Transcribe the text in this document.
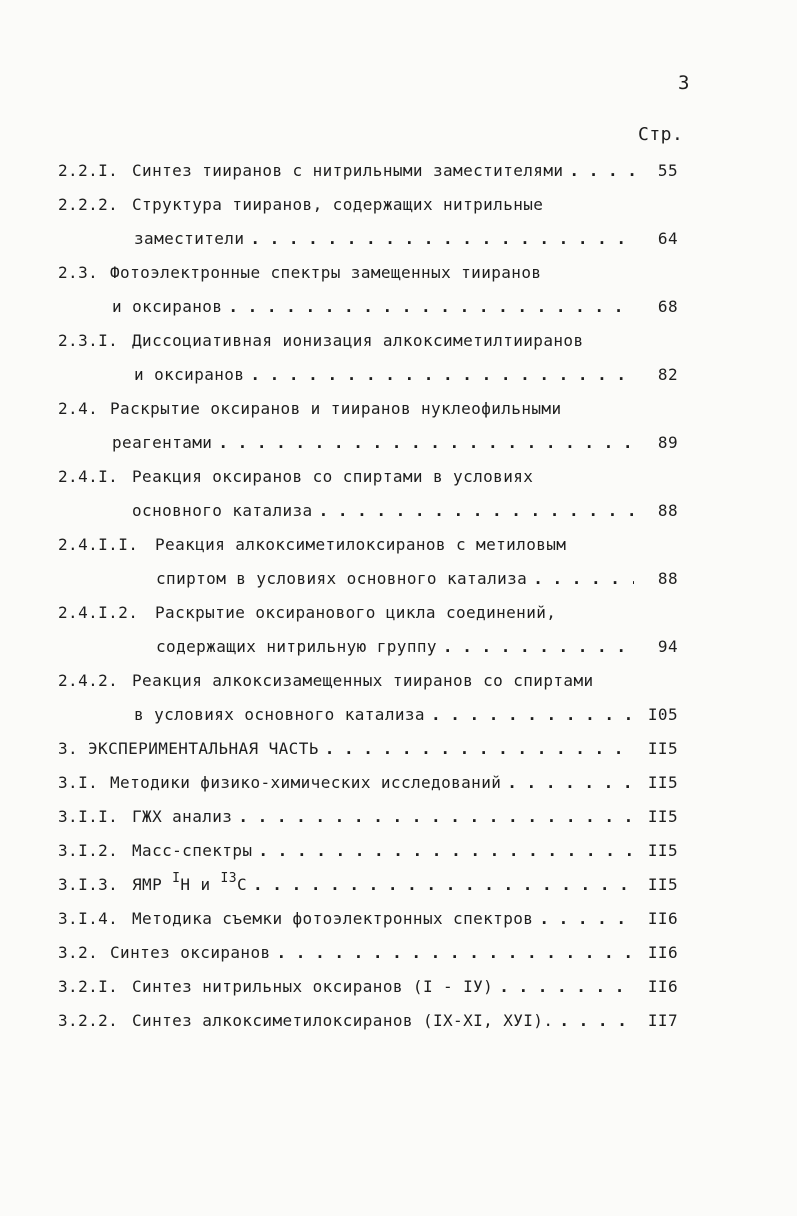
3
Стр.
2.2.I. Синтез тииранов с нитрильными заместителями . . .	55
2.2.2. Структура тииранов, содержащих нитрильные
заместители . . .	64
2.3. Фотоэлектронные спектры замещенных тииранов
и оксиранов . . .	68
2.3.I. Диссоциативная ионизация алкоксиметилтииранов
и оксиранов . . .	82
2.4. Раскрытие оксиранов и тииранов нуклеофильными
реагентами . . .	89
2.4.I. Реакция оксиранов со спиртами в условиях
основного катализа . . .	88
2.4.I.I.	Реакция алкоксиметилоксиранов с метиловым
спиртом в условиях основного катализа . . .	88
2.4.I.2.	Раскрытие оксиранового цикла соединений,
содержащих нитрильную группу . . .	94
2.4.2. Реакция алкоксизамещенных тииранов со спиртами
в условиях основного катализа . . .	I05
3. ЭКСПЕРИМЕНТАЛЬНАЯ ЧАСТЬ . . .	II5
3.I. Методики физико-химических исследований . . .	II5
3.I.I. ГЖХ анализ . . .	II5
3.I.2. Масс-спектры . . .	II5
3.I.3. ЯМР $^I$H и $^{I3}$C . . .	II5
3.I.4. Методика съемки фотоэлектронных спектров . . .	II6
3.2. Синтез оксиранов . . .	II6
3.2.I. Синтез нитрильных оксиранов (I - IУ) . . .	II6
3.2.2. Синтез алкоксиметилоксиранов (IX-XI, XУI). . . .	II7
